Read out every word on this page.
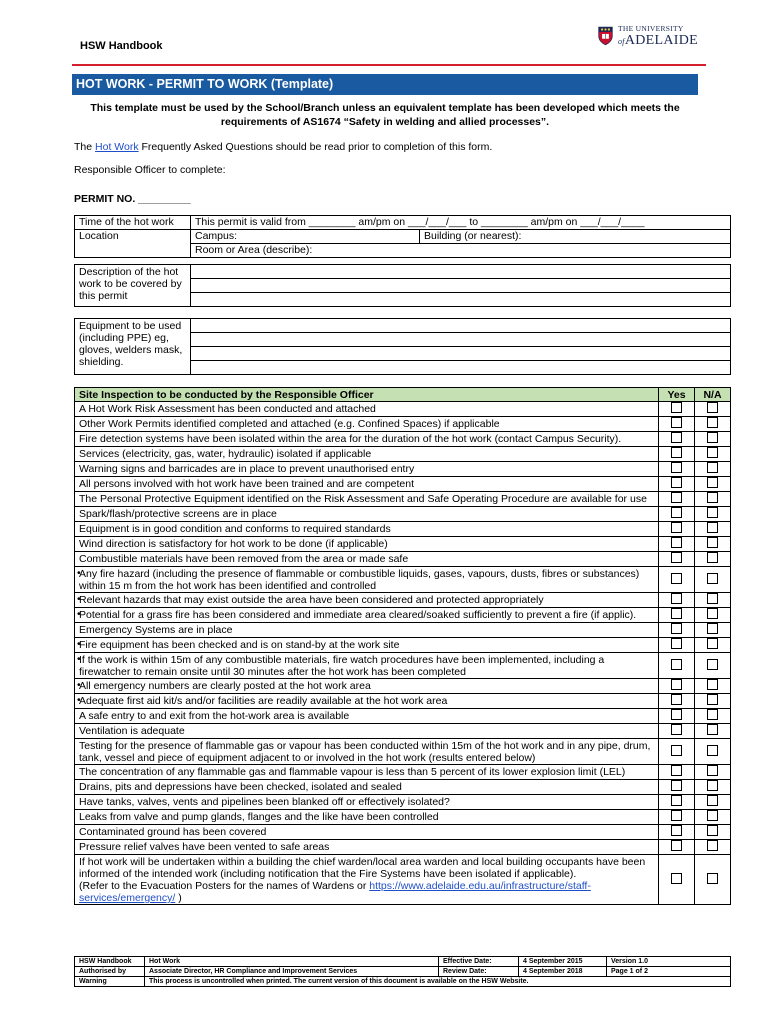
HSW Handbook
THE UNIVERSITY
ofADELAIDE
HOT WORK - PERMIT TO WORK (Template)
This template must be used by the School/Branch unless an equivalent template has been developed which meets the requirements of AS1674 “Safety in welding and allied processes”.
The Hot Work Frequently Asked Questions should be read prior to completion of this form.
Responsible Officer to complete:
PERMIT NO. _________
Time of the hot work	This permit is valid from ________ am/pm on ___/___/___ to ________ am/pm on ___/___/____	
Location	Campus:	Building (or nearest):
	Room or Area (describe):	
Description of the hot work to be covered by this permit	

Equipment to be used (including PPE) eg, gloves, welders mask, shielding.	

Site Inspection to be conducted by the Responsible Officer	Yes	N/A
A Hot Work Risk Assessment has been conducted and attached		
Other Work Permits identified completed and attached (e.g. Confined Spaces) if applicable		
Fire detection systems have been isolated within the area for the duration of the hot work (contact Campus Security).		
Services (electricity, gas, water, hydraulic) isolated if applicable		
Warning signs and barricades are in place to prevent unauthorised entry		
All persons involved with hot work have been trained and are competent		
The Personal Protective Equipment identified on the Risk Assessment and Safe Operating Procedure are available for use		
Spark/flash/protective screens are in place		
Equipment is in good condition and conforms to required standards		
Wind direction is satisfactory for hot work to be done (if applicable)		
Combustible materials have been removed from the area or made safe		
• Any fire hazard (including the presence of flammable or combustible liquids, gases, vapours, dusts, fibres or substances) within 15 m from the hot work has been identified and controlled		
• Relevant hazards that may exist outside the area have been considered and protected appropriately		
• Potential for a grass fire has been considered and immediate area cleared/soaked sufficiently to prevent a fire (if applic).		
Emergency Systems are in place		
• Fire equipment has been checked and is on stand-by at the work site		
• If the work is within 15m of any combustible materials, fire watch procedures have been implemented, including a firewatcher to remain onsite until 30 minutes after the hot work has been completed		
• All emergency numbers are clearly posted at the hot work area		
• Adequate first aid kit/s and/or facilities are readily available at the hot work area		
A safe entry to and exit from the hot-work area is available		
Ventilation is adequate		
Testing for the presence of flammable gas or vapour has been conducted within 15m of the hot work and in any pipe, drum, tank, vessel and piece of equipment adjacent to or involved in the hot work (results entered below)		
The concentration of any flammable gas and flammable vapour is less than 5 percent of its lower explosion limit (LEL)		
Drains, pits and depressions have been checked, isolated and sealed		
Have tanks, valves, vents and pipelines been blanked off or effectively isolated?		
Leaks from valve and pump glands, flanges and the like have been controlled		
Contaminated ground has been covered		
Pressure relief valves have been vented to safe areas		
If hot work will be undertaken within a building the chief warden/local area warden and local building occupants have been informed of the intended work (including notification that the Fire Systems have been isolated if applicable).
(Refer to the Evacuation Posters for the names of Wardens or https://www.adelaide.edu.au/infrastructure/staff-services/emergency/ )		
HSW Handbook	Hot Work	Effective Date:	4 September 2015	Version 1.0
Authorised by	Associate Director, HR Compliance and Improvement Services	Review Date:	4 September 2018	Page 1 of 2
Warning	This process is uncontrolled when printed. The current version of this document is available on the HSW Website.			
